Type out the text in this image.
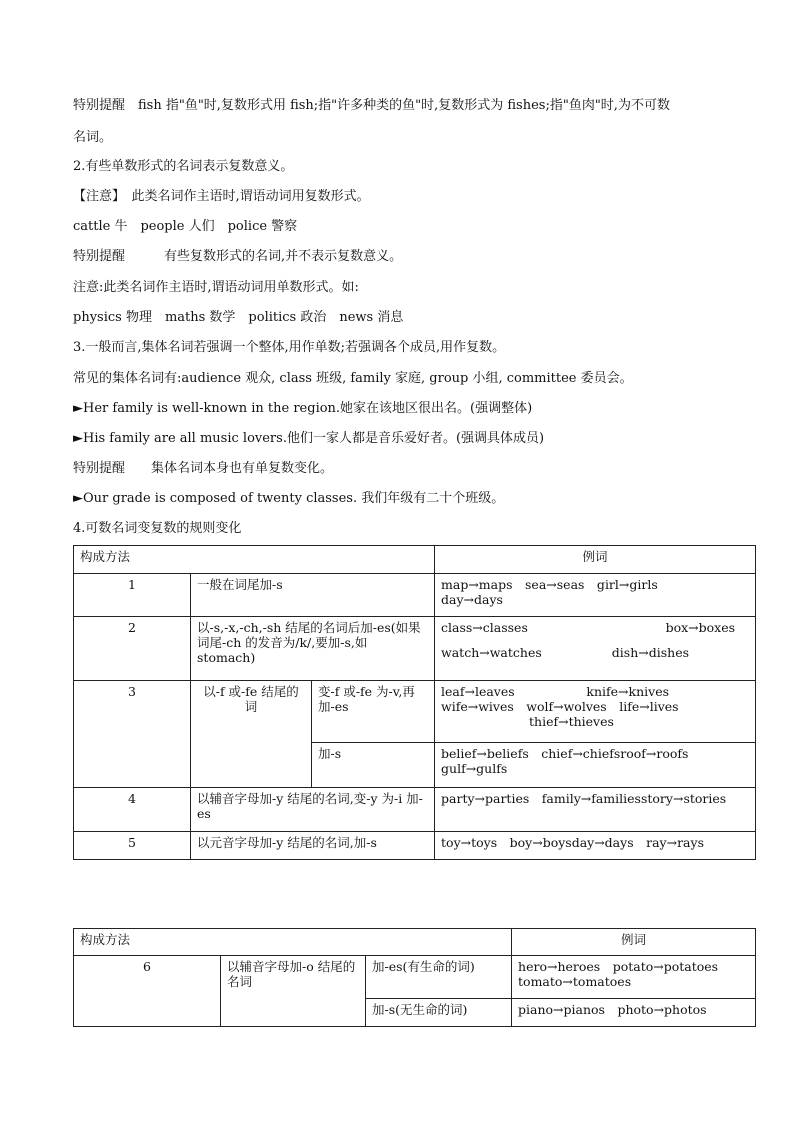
特别提醒　fish 指"鱼"时,复数形式用 fish;指"许多种类的鱼"时,复数形式为 fishes;指"鱼肉"时,为不可数
名词。
2.有些单数形式的名词表示复数意义。
【注意】　此类名词作主语时,谓语动词用复数形式。
cattle 牛　people 人们　police 警察
特别提醒　　　有些复数形式的名词,并不表示复数意义。
注意:此类名词作主语时,谓语动词用单数形式。如:
physics 物理　maths 数学　politics 政治　news 消息
3.一般而言,集体名词若强调一个整体,用作单数;若强调各个成员,用作复数。
常见的集体名词有:audience 观众, class 班级, family 家庭, group 小组, committee 委员会。
► Her family is well-known in the region.她家在该地区很出名。(强调整体)
► His family are all music lovers.他们一家人都是音乐爱好者。(强调具体成员)
特别提醒　　集体名词本身也有单复数变化。
► Our grade is composed of twenty classes. 我们年级有二十个班级。
4.可数名词变复数的规则变化
构成方法			例词
1	一般在词尾加-s		map→maps　sea→seas　girl→girls
day→days

2	以-s,-x,-ch,-sh 结尾的名词后加-es(如果词尾-ch 的发音为/k/,要加-s,如 stomach)		class→classes box→boxes
watch→watches dish→dishes

3	以-f 或-fe 结尾的词	变-f 或-fe 为-v,再加-es	leaf→leaves knife→knives
wife→wives　wolf→wolves　life→lives
thief→thieves

		加-s	belief→beliefs　chief→chiefsroof→roofs
gulf→gulfs

4	以辅音字母加-y 结尾的名词,变-y 为-i 加-es		party→parties　family→familiesstory→stories
5	以元音字母加-y 结尾的名词,加-s		toy→toys　boy→boysday→days　ray→rays
构成方法			例词
6	以辅音字母加-o 结尾的名词	加-es(有生命的词)	hero→heroes　potato→potatoes
tomato→tomatoes

		加-s(无生命的词)	piano→pianos　photo→photos
